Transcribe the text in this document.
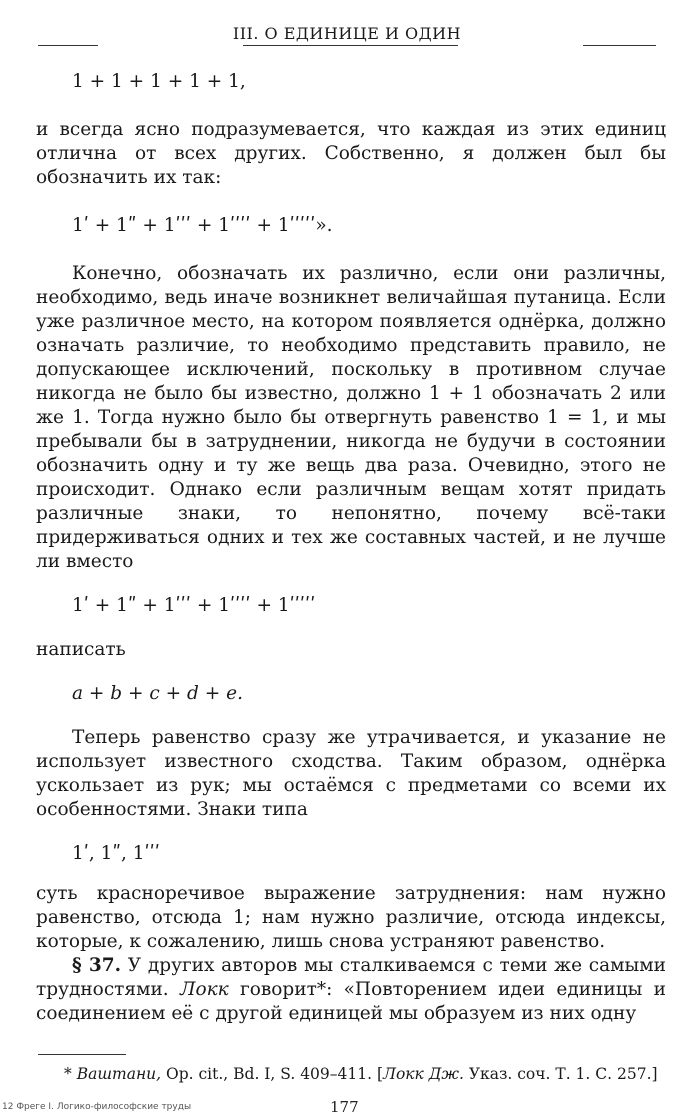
III. О ЕДИНИЦЕ И ОДИН

1 + 1 + 1 + 1 + 1,

и всегда ясно подразумевается, что каждая из этих единиц отлична от всех других. Собственно, я должен был бы обозначить их так:

1ʹ + 1ʺ + 1ʹʹʹ + 1ʹʹʹʹ + 1ʹʹʹʹʹ».

Конечно, обозначать их различно, если они различны, необходимо, ведь иначе возникнет величайшая путаница. Если уже различное место, на котором появляется однёрка, должно означать различие, то необходимо представить правило, не допускающее исключений, поскольку в противном случае никогда не было бы известно, должно 1 + 1 обозначать 2 или же 1. Тогда нужно было бы отвергнуть равенство 1 = 1, и мы пребывали бы в затруднении, никогда не будучи в состоянии обозначить одну и ту же вещь два раза. Очевидно, этого не происходит. Однако если различным вещам хотят придать различные знаки, то непонятно, почему всё-таки придерживаться одних и тех же составных частей, и не лучше ли вместо

1ʹ + 1ʺ + 1ʹʹʹ + 1ʹʹʹʹ + 1ʹʹʹʹʹ

написать

a + b + c + d + e.

Теперь равенство сразу же утрачивается, и указание не использует известного сходства. Таким образом, однёрка ускользает из рук; мы остаёмся с предметами со всеми их особенностями. Знаки типа

1ʹ, 1ʺ, 1ʹʹʹ

суть красноречивое выражение затруднения: нам нужно равенство, отсюда 1; нам нужно различие, отсюда индексы, которые, к сожалению, лишь снова устраняют равенство.

§ 37. У других авторов мы сталкиваемся с теми же самыми трудностями. Локк говорит*: «Повторением идеи единицы и соединением её с другой единицей мы образуем из них одну

* Ваштани, Op. cit., Bd. I, S. 409–411. [Локк Дж. Указ. соч. Т. 1. С. 257.]
12 Фреге I. Логико-философские труды	177
